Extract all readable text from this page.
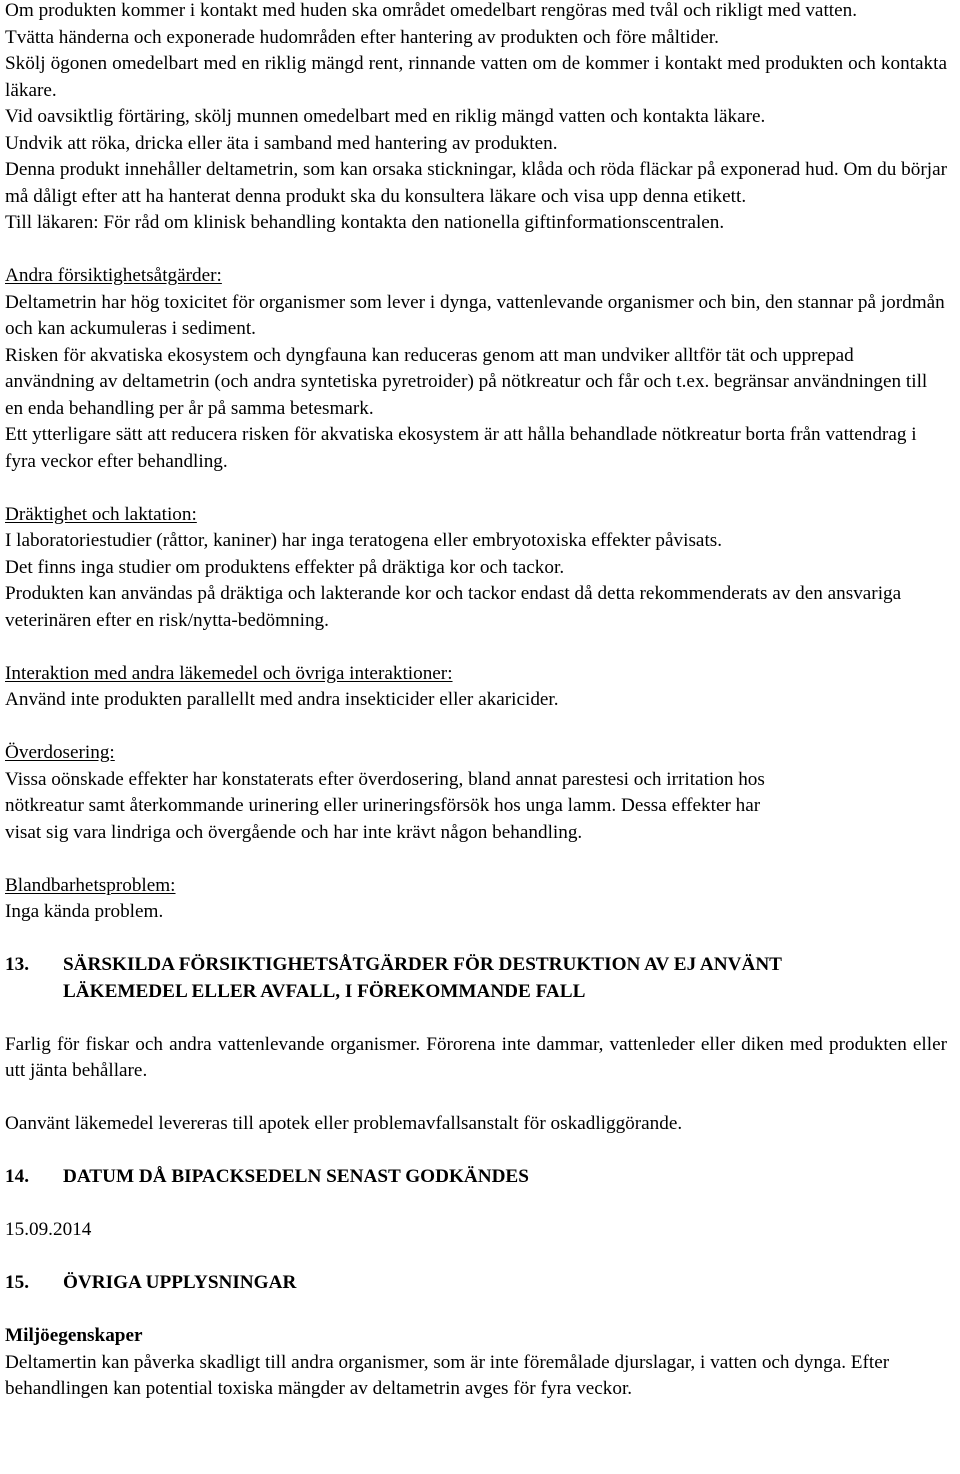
Om produkten kommer i kontakt med huden ska området omedelbart rengöras med tvål och rikligt med vatten.

Tvätta händerna och exponerade hudområden efter hantering av produkten och före måltider.

Skölj ögonen omedelbart med en riklig mängd rent, rinnande vatten om de kommer i kontakt med produkten och kontakta läkare.

Vid oavsiktlig förtäring, skölj munnen omedelbart med en riklig mängd vatten och kontakta läkare.

Undvik att röka, dricka eller äta i samband med hantering av produkten.

Denna produkt innehåller deltametrin, som kan orsaka stickningar, klåda och röda fläckar på exponerad hud. Om du börjar må dåligt efter att ha hanterat denna produkt ska du konsultera läkare och visa upp denna etikett.

Till läkaren: För råd om klinisk behandling kontakta den nationella giftinformationscentralen.

Andra försiktighetsåtgärder:

Deltametrin har hög toxicitet för organismer som lever i dynga, vattenlevande organismer och bin, den stannar på jordmån och kan ackumuleras i sediment.

Risken för akvatiska ekosystem och dyngfauna kan reduceras genom att man undviker alltför tät och upprepad användning av deltametrin (och andra syntetiska pyretroider) på nötkreatur och får och t.ex. begränsar användningen till en enda behandling per år på samma betesmark.

Ett ytterligare sätt att reducera risken för akvatiska ekosystem är att hålla behandlade nötkreatur borta från vattendrag i fyra veckor efter behandling.

Dräktighet och laktation:

I laboratoriestudier (råttor, kaniner) har inga teratogena eller embryotoxiska effekter påvisats.

Det finns inga studier om produktens effekter på dräktiga kor och tackor.

Produkten kan användas på dräktiga och lakterande kor och tackor endast då detta rekommenderats av den ansvariga veterinären efter en risk/nytta-bedömning.

Interaktion med andra läkemedel och övriga interaktioner:

Använd inte produkten parallellt med andra insekticider eller akaricider.

Överdosering:

Vissa oönskade effekter har konstaterats efter överdosering, bland annat parestesi och irritation hos

nötkreatur samt återkommande urinering eller urineringsförsök hos unga lamm. Dessa effekter har

visat sig vara lindriga och övergående och har inte krävt någon behandling.

Blandbarhetsproblem:

Inga kända problem.

13.	SÄRSKILDA FÖRSIKTIGHETSÅTGÄRDER FÖR DESTRUKTION AV EJ ANVÄNT
LÄKEMEDEL ELLER AVFALL, I FÖREKOMMANDE FALL

Farlig för fiskar och andra vattenlevande organismer. Förorena inte dammar, vattenleder eller diken med produkten eller utt jänta behållare.

Oanvänt läkemedel levereras till apotek eller problemavfallsanstalt för oskadliggörande.

14.	DATUM DÅ BIPACKSEDELN SENAST GODKÄNDES

15.09.2014

15.	ÖVRIGA UPPLYSNINGAR

Miljöegenskaper

Deltamertin kan påverka skadligt till andra organismer, som är inte föremålade djurslagar, i vatten och dynga. Efter behandlingen kan potential toxiska mängder av deltametrin avges för fyra veckor.
